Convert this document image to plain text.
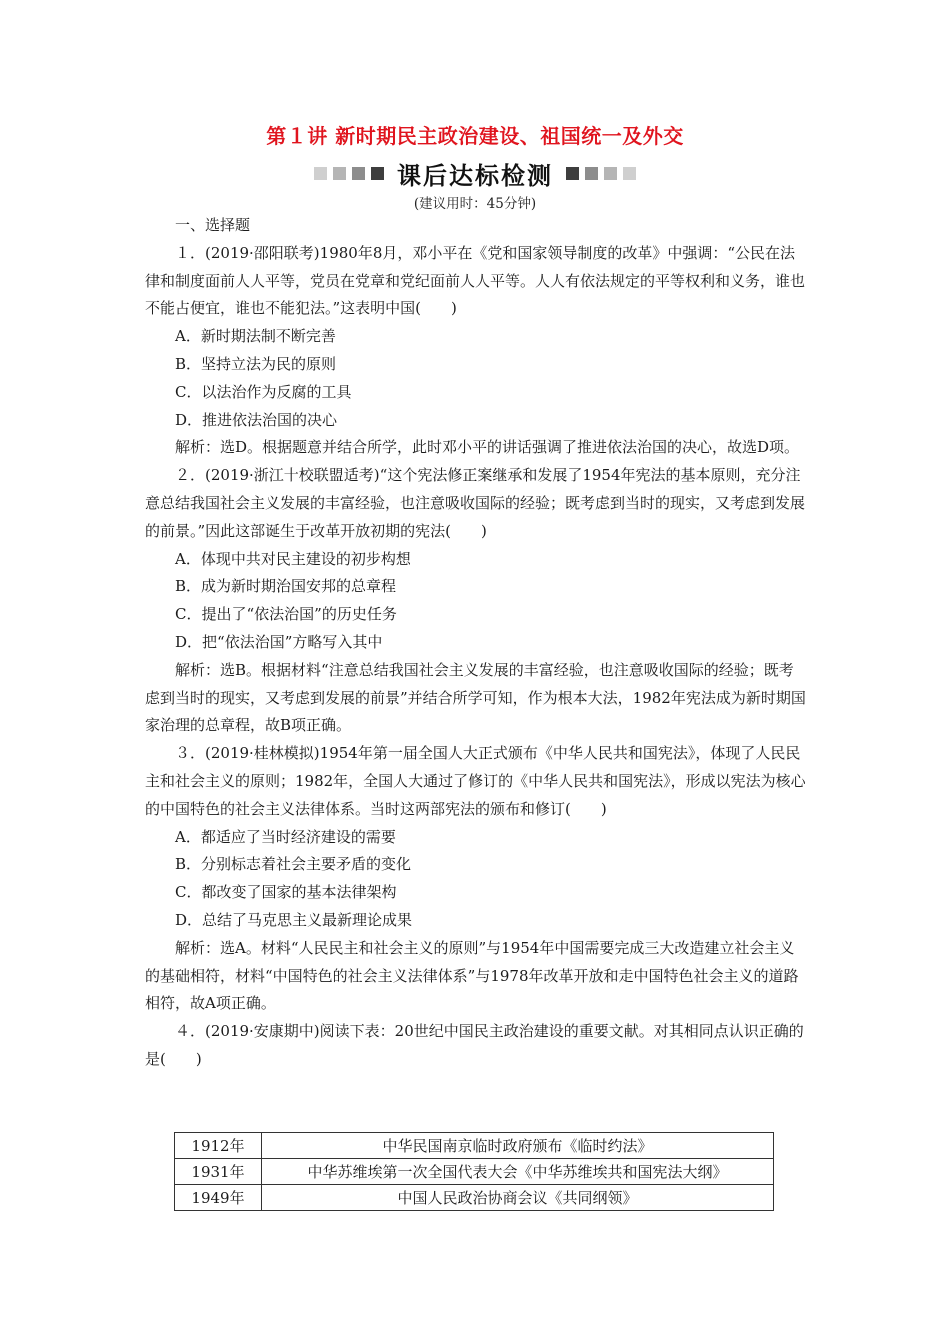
第１讲 新时期民主政治建设、祖国统一及外交
课后达标检测
(建议用时：45分钟)

一、选择题

１．(2019·邵阳联考)1980年8月，邓小平在《党和国家领导制度的改革》中强调：“公民在法律和制度面前人人平等，党员在党章和党纪面前人人平等。人人有依法规定的平等权利和义务，谁也不能占便宜，谁也不能犯法。”这表明中国(　　)

A．新时期法制不断完善

B．坚持立法为民的原则

C．以法治作为反腐的工具

D．推进依法治国的决心

解析：选D。根据题意并结合所学，此时邓小平的讲话强调了推进依法治国的决心，故选D项。

２．(2019·浙江十校联盟适考)“这个宪法修正案继承和发展了1954年宪法的基本原则，充分注意总结我国社会主义发展的丰富经验，也注意吸收国际的经验；既考虑到当时的现实，又考虑到发展的前景。”因此这部诞生于改革开放初期的宪法(　　)

A．体现中共对民主建设的初步构想

B．成为新时期治国安邦的总章程

C．提出了“依法治国”的历史任务

D．把“依法治国”方略写入其中

解析：选B。根据材料“注意总结我国社会主义发展的丰富经验，也注意吸收国际的经验；既考虑到当时的现实，又考虑到发展的前景”并结合所学可知，作为根本大法，1982年宪法成为新时期国家治理的总章程，故B项正确。

３．(2019·桂林模拟)1954年第一届全国人大正式颁布《中华人民共和国宪法》，体现了人民民主和社会主义的原则；1982年，全国人大通过了修订的《中华人民共和国宪法》，形成以宪法为核心的中国特色的社会主义法律体系。当时这两部宪法的颁布和修订(　　)

A．都适应了当时经济建设的需要

B．分别标志着社会主要矛盾的变化

C．都改变了国家的基本法律架构

D．总结了马克思主义最新理论成果

解析：选A。材料“人民民主和社会主义的原则”与1954年中国需要完成三大改造建立社会主义的基础相符，材料“中国特色的社会主义法律体系”与1978年改革开放和走中国特色社会主义的道路相符，故A项正确。

４．(2019·安康期中)阅读下表：20世纪中国民主政治建设的重要文献。对其相同点认识正确的是(　　)

1912年	中华民国南京临时政府颁布《临时约法》
1931年	中华苏维埃第一次全国代表大会《中华苏维埃共和国宪法大纲》
1949年	中国人民政治协商会议《共同纲领》
